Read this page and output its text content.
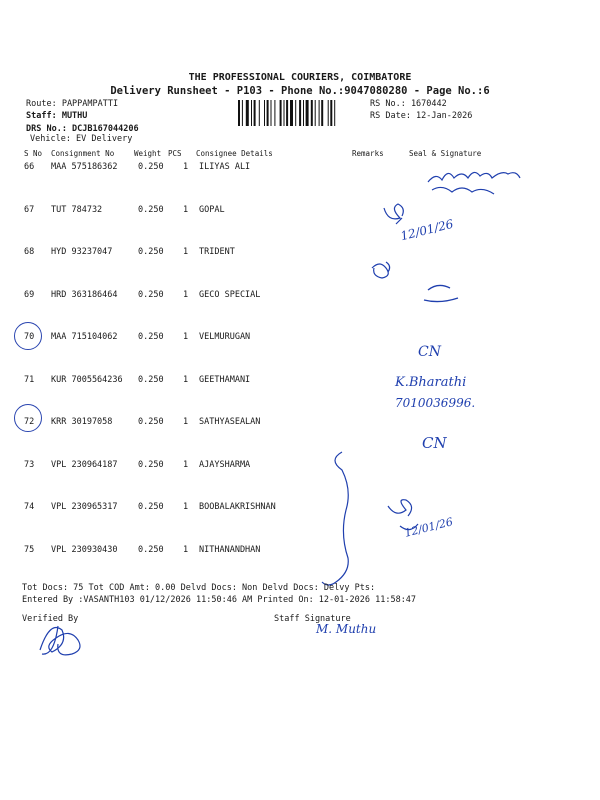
THE PROFESSIONAL COURIERS, COIMBATORE
Delivery Runsheet - P103 - Phone No.:9047080280 - Page No.:6
Route: PAPPAMPATTI
Staff: MUTHU
DRS No.: DCJB167044206
Vehicle: EV Delivery
RS No.: 1670442
RS Date: 12-Jan-2026
S No Consignment No	Weight PCS Consignee Details	Remarks	Seal & Signature
66 MAA 575186362 0.250 1 ILIYAS ALI
67 TUT 784732	0.250 1 GOPAL
68 HYD 93237047	0.250 1 TRIDENT
69 HRD 363186464 0.250 1 GECO SPECIAL
70 MAA 715104062 0.250 1 VELMURUGAN
71 KUR 7005564236 0.250 1 GEETHAMANI
72 KRR 30197058	0.250 1 SATHYASEALAN
73 VPL 230964187 0.250 1 AJAYSHARMA
74 VPL 230965317 0.250 1 BOOBALAKRISHNAN
75 VPL 230930430 0.250 1 NITHANANDHAN
12/01/26
CN
K.Bharathi
7010036996.
CN
12/01/26
Tot Docs: 75 Tot COD Amt: 0.00 Delvd Docs: Non Delvd Docs: Delvy Pts:
Entered By :VASANTH103 01/12/2026 11:50:46 AM Printed On: 12-01-2026 11:58:47
Verified By	Staff Signature
M. Muthu
